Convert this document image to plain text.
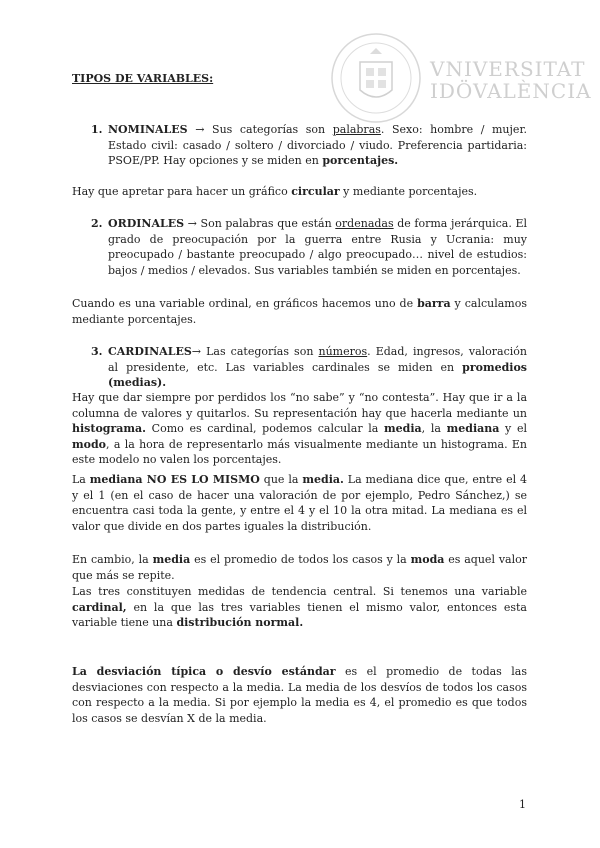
VNIVERSITAT
IDÖVALÈNCIA
TIPOS DE VARIABLES:
1. NOMINALES → Sus categorías son palabras. Sexo: hombre / mujer. Estado civil: casado / soltero / divorciado / viudo. Preferencia partidaria: PSOE/PP. Hay opciones y se miden en porcentajes.

Hay que apretar para hacer un gráfico circular y mediante porcentajes.

2. ORDINALES → Son palabras que están ordenadas de forma jerárquica. El grado de preocupación por la guerra entre Rusia y Ucrania: muy preocupado / bastante preocupado / algo preocupado… nivel de estudios: bajos / medios / elevados. Sus variables también se miden en porcentajes.

Cuando es una variable ordinal, en gráficos hacemos uno de barra y calculamos mediante porcentajes.

3. CARDINALES→ Las categorías son números. Edad, ingresos, valoración al presidente, etc. Las variables cardinales se miden en promedios (medias).

Hay que dar siempre por perdidos los “no sabe” y “no contesta”. Hay que ir a la columna de valores y quitarlos. Su representación hay que hacerla mediante un histograma. Como es cardinal, podemos calcular la media, la mediana y el modo, a la hora de representarlo más visualmente mediante un histograma. En este modelo no valen los porcentajes.

La mediana NO ES LO MISMO que la media. La mediana dice que, entre el 4 y el 1 (en el caso de hacer una valoración de por ejemplo, Pedro Sánchez,) se encuentra casi toda la gente, y entre el 4 y el 10 la otra mitad. La mediana es el valor que divide en dos partes iguales la distribución.

En cambio, la media es el promedio de todos los casos y la moda es aquel valor que más se repite.

Las tres constituyen medidas de tendencia central. Si tenemos una variable cardinal, en la que las tres variables tienen el mismo valor, entonces esta variable tiene una distribución normal.

La desviación típica o desvío estándar es el promedio de todas las desviaciones con respecto a la media. La media de los desvíos de todos los casos con respecto a la media. Si por ejemplo la media es 4, el promedio es que todos los casos se desvían X de la media.

1
